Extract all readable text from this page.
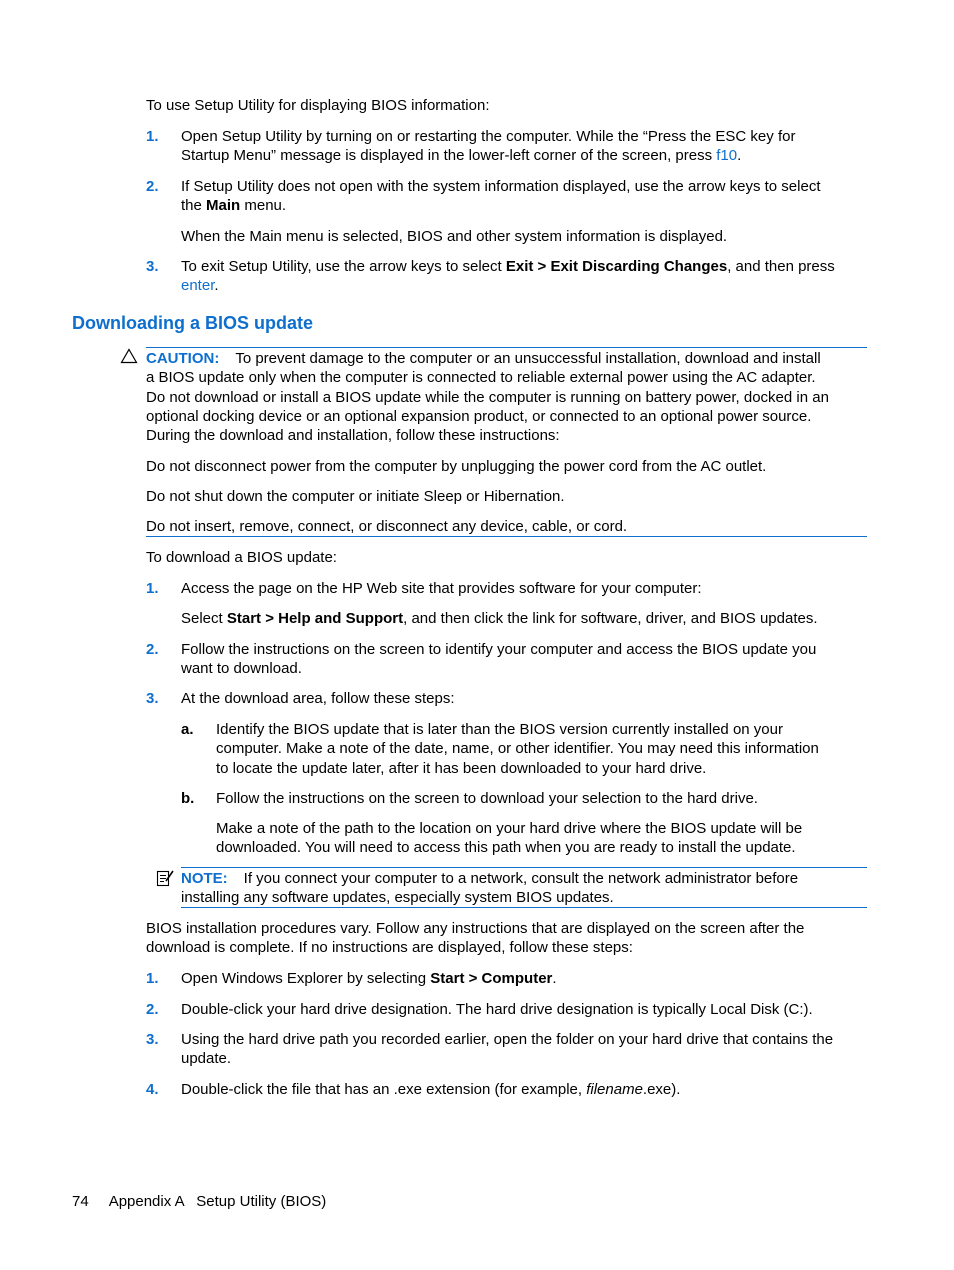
To use Setup Utility for displaying BIOS information:
1. Open Setup Utility by turning on or restarting the computer. While the “Press the ESC key for
Startup Menu” message is displayed in the lower-left corner of the screen, press f10.
2. If Setup Utility does not open with the system information displayed, use the arrow keys to select
the Main menu.
When the Main menu is selected, BIOS and other system information is displayed.
3. To exit Setup Utility, use the arrow keys to select Exit > Exit Discarding Changes, and then press
enter.
Downloading a BIOS update
CAUTION: To prevent damage to the computer or an unsuccessful installation, download and install
a BIOS update only when the computer is connected to reliable external power using the AC adapter.
Do not download or install a BIOS update while the computer is running on battery power, docked in an
optional docking device or an optional expansion product, or connected to an optional power source.
During the download and installation, follow these instructions:
Do not disconnect power from the computer by unplugging the power cord from the AC outlet.
Do not shut down the computer or initiate Sleep or Hibernation.
Do not insert, remove, connect, or disconnect any device, cable, or cord.
To download a BIOS update:
1. Access the page on the HP Web site that provides software for your computer:
Select Start > Help and Support, and then click the link for software, driver, and BIOS updates.
2. Follow the instructions on the screen to identify your computer and access the BIOS update you
want to download.
3. At the download area, follow these steps:
a. Identify the BIOS update that is later than the BIOS version currently installed on your
computer. Make a note of the date, name, or other identifier. You may need this information
to locate the update later, after it has been downloaded to your hard drive.
b. Follow the instructions on the screen to download your selection to the hard drive.
Make a note of the path to the location on your hard drive where the BIOS update will be
downloaded. You will need to access this path when you are ready to install the update.
NOTE: If you connect your computer to a network, consult the network administrator before
installing any software updates, especially system BIOS updates.
BIOS installation procedures vary. Follow any instructions that are displayed on the screen after the
download is complete. If no instructions are displayed, follow these steps:
1. Open Windows Explorer by selecting Start > Computer.
2. Double-click your hard drive designation. The hard drive designation is typically Local Disk (C:).
3. Using the hard drive path you recorded earlier, open the folder on your hard drive that contains the
update.
4. Double-click the file that has an .exe extension (for example, filename.exe).
74 Appendix A   Setup Utility (BIOS)
